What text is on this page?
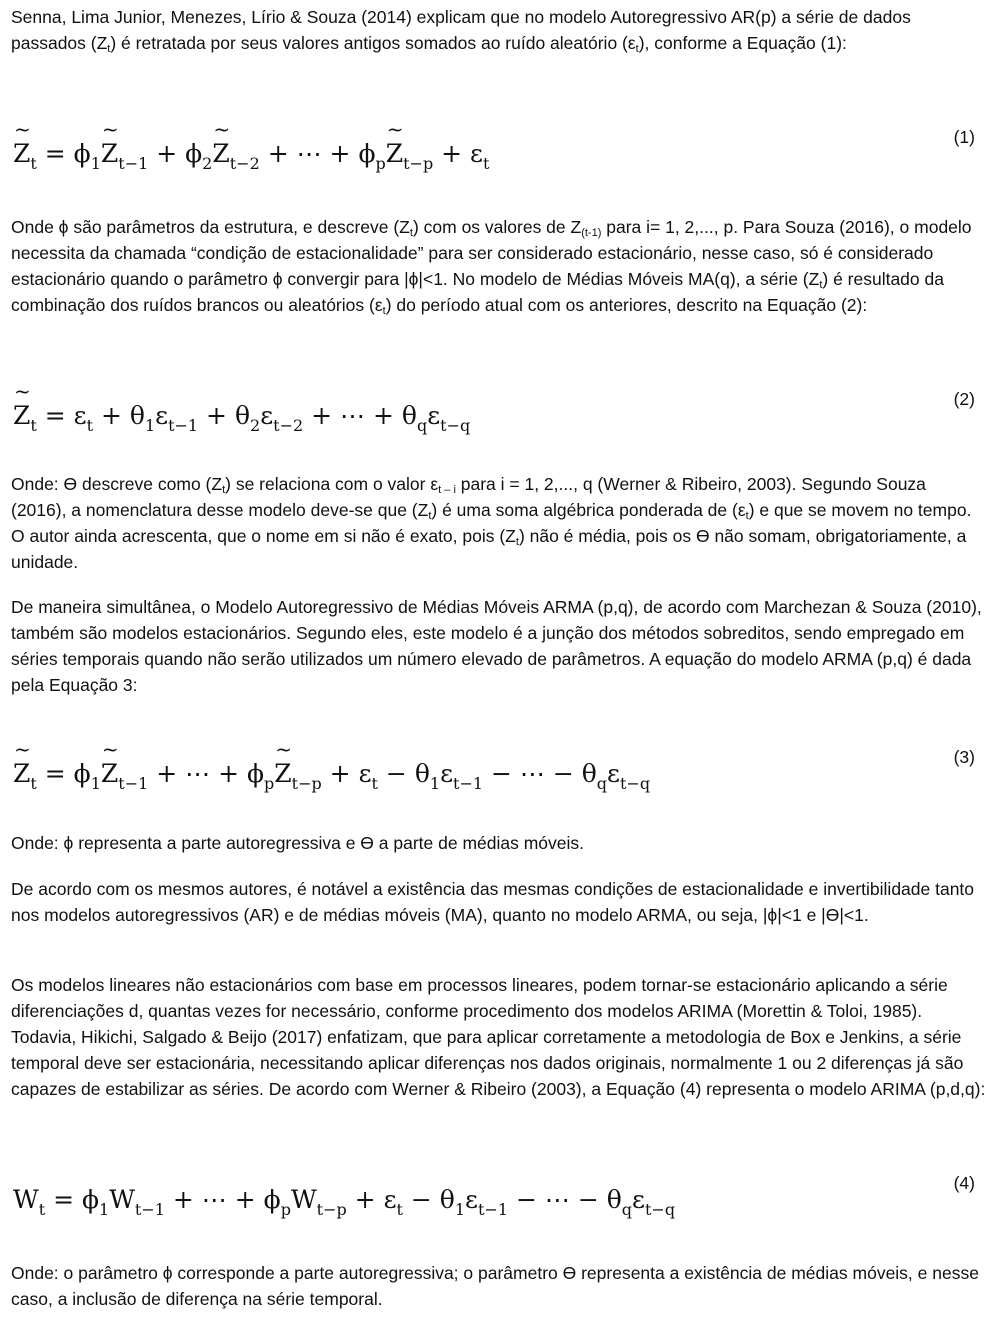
Senna, Lima Junior, Menezes, Lírio & Souza (2014) explicam que no modelo Autoregressivo AR(p) a série de dados passados $(Z_t)$ é retratada por seus valores antigos somados ao ruído aleatório $(\varepsilon_t)$, conforme a Equação (1):

~ $Z_t$ = $\phi_1\sim$ $Z_{t-1}$ + $\phi_2\sim$ $Z_{t-2}$ + ⋯ + $\phi_p\sim$ $Z_{t-p} + \varepsilon_t$
(1)

Onde ϕ são parâmetros da estrutura, e descreve $(Z_t)$ com os valores de $Z_{(t-1)}$ para i= 1, 2,..., p. Para Souza (2016), o modelo necessita da chamada “condição de estacionalidade” para ser considerado estacionário, nesse caso, só é considerado estacionário quando o parâmetro ϕ convergir para |ϕ|<1. No modelo de Médias Móveis MA(q), a série $(Z_t)$ é resultado da combinação dos ruídos brancos ou aleatórios $(\varepsilon_t)$ do período atual com os anteriores, descrito na Equação (2):

~ $Z_t = \varepsilon_t + \theta_1\varepsilon_{t-1} + \theta_2\varepsilon_{t-2}$ + ⋯ + $\theta_q\varepsilon_{t-q}$
(2)

Onde: Ɵ descreve como $(Z_t)$ se relaciona com o valor $\varepsilon_{t - i}$ para i = 1, 2,..., q (Werner & Ribeiro, 2003). Segundo Souza (2016), a nomenclatura desse modelo deve-se que $(Z_t)$ é uma soma algébrica ponderada de $(\varepsilon_t)$ e que se movem no tempo. O autor ainda acrescenta, que o nome em si não é exato, pois $(Z_t)$ não é média, pois os Ɵ não somam, obrigatoriamente, a unidade.

De maneira simultânea, o Modelo Autoregressivo de Médias Móveis ARMA (p,q), de acordo com Marchezan & Souza (2010), também são modelos estacionários. Segundo eles, este modelo é a junção dos métodos sobreditos, sendo empregado em séries temporais quando não serão utilizados um número elevado de parâmetros. A equação do modelo ARMA (p,q) é dada pela Equação 3:

~ $Z_t$ = $\phi_1\sim$ $Z_{t-1}$ + ⋯ + $\phi_p\sim$ $Z_{t-p} + \varepsilon_t - \theta_1\varepsilon_{t-1}$ − ⋯ − $\theta_q\varepsilon_{t-q}$
(3)

Onde: ϕ representa a parte autoregressiva e Ɵ a parte de médias móveis.

De acordo com os mesmos autores, é notável a existência das mesmas condições de estacionalidade e invertibilidade tanto nos modelos autoregressivos (AR) e de médias móveis (MA), quanto no modelo ARMA, ou seja, |ϕ|<1 e |Ɵ|<1.

Os modelos lineares não estacionários com base em processos lineares, podem tornar-se estacionário aplicando a série diferenciações d, quantas vezes for necessário, conforme procedimento dos modelos ARIMA (Morettin & Toloi, 1985). Todavia, Hikichi, Salgado & Beijo (2017) enfatizam, que para aplicar corretamente a metodologia de Box e Jenkins, a série temporal deve ser estacionária, necessitando aplicar diferenças nos dados originais, normalmente 1 ou 2 diferenças já são capazes de estabilizar as séries. De acordo com Werner & Ribeiro (2003), a Equação (4) representa o modelo ARIMA (p,d,q):

$W_t = \phi_1W_{t-1}$ + ⋯ + $\phi_pW_{t-p} + \varepsilon_t - \theta_1\varepsilon_{t-1}$ − ⋯ − $\theta_q\varepsilon_{t-q}$
(4)

Onde: o parâmetro ϕ corresponde a parte autoregressiva; o parâmetro Ɵ representa a existência de médias móveis, e nesse caso, a inclusão de diferença na série temporal.
